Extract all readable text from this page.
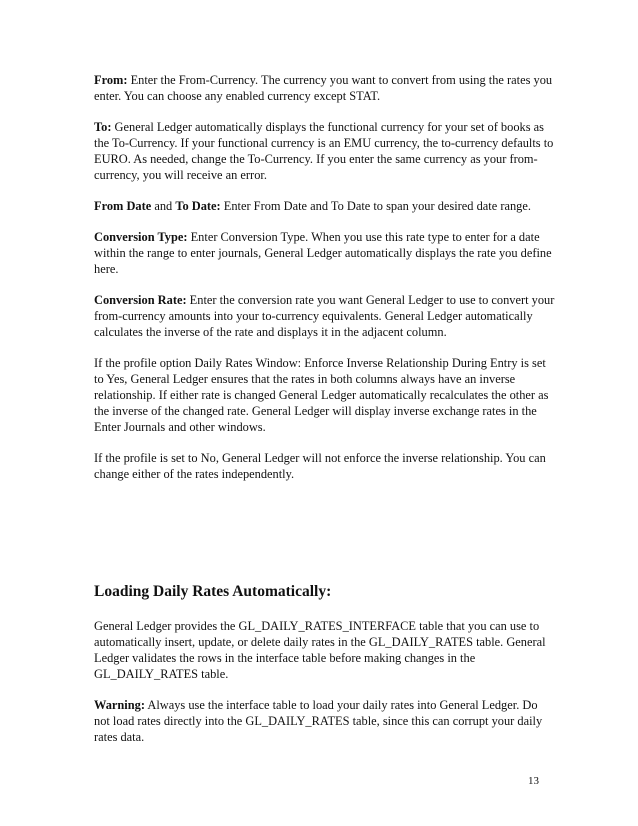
From: Enter the From-Currency. The currency you want to convert from using the rates you enter. You can choose any enabled currency except STAT.

To: General Ledger automatically displays the functional currency for your set of books as the To-Currency. If your functional currency is an EMU currency, the to-currency defaults to EURO. As needed, change the To-Currency. If you enter the same currency as your from-currency, you will receive an error.

From Date and To Date: Enter From Date and To Date to span your desired date range.

Conversion Type: Enter Conversion Type. When you use this rate type to enter for a date within the range to enter journals, General Ledger automatically displays the rate you define here.

Conversion Rate: Enter the conversion rate you want General Ledger to use to convert your from-currency amounts into your to-currency equivalents. General Ledger automatically calculates the inverse of the rate and displays it in the adjacent column.

If the profile option Daily Rates Window: Enforce Inverse Relationship During Entry is set to Yes, General Ledger ensures that the rates in both columns always have an inverse relationship. If either rate is changed General Ledger automatically recalculates the other as the inverse of the changed rate. General Ledger will display inverse exchange rates in the Enter Journals and other windows.

If the profile is set to No, General Ledger will not enforce the inverse relationship. You can change either of the rates independently.

Loading Daily Rates Automatically:

General Ledger provides the GL_DAILY_RATES_INTERFACE table that you can use to automatically insert, update, or delete daily rates in the GL_DAILY_RATES table. General Ledger validates the rows in the interface table before making changes in the GL_DAILY_RATES table.

Warning: Always use the interface table to load your daily rates into General Ledger. Do not load rates directly into the GL_DAILY_RATES table, since this can corrupt your daily rates data.

13
